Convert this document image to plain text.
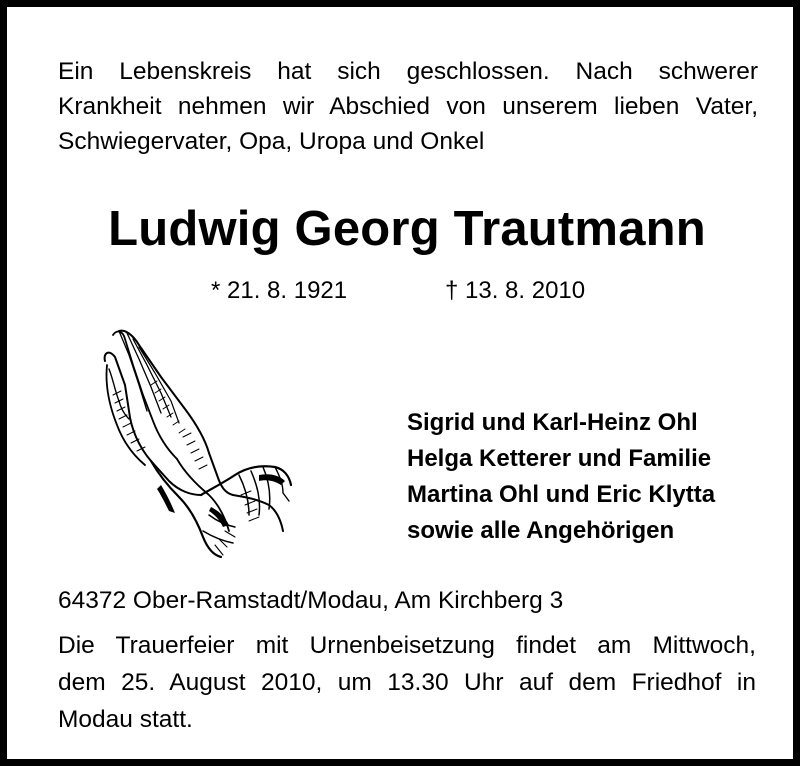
Ein Lebenskreis hat sich geschlossen. Nach schwerer
Krankheit nehmen wir Abschied von unserem lieben Vater,
Schwiegervater, Opa, Uropa und Onkel
Ludwig Georg Trautmann
* 21. 8. 1921	† 13. 8. 2010
Sigrid und Karl-Heinz Ohl
Helga Ketterer und Familie
Martina Ohl und Eric Klytta
sowie alle Angehörigen
64372 Ober-Ramstadt/Modau, Am Kirchberg 3
Die Trauerfeier mit Urnenbeisetzung findet am Mittwoch,
dem 25. August 2010, um 13.30 Uhr auf dem Friedhof in
Modau statt.
